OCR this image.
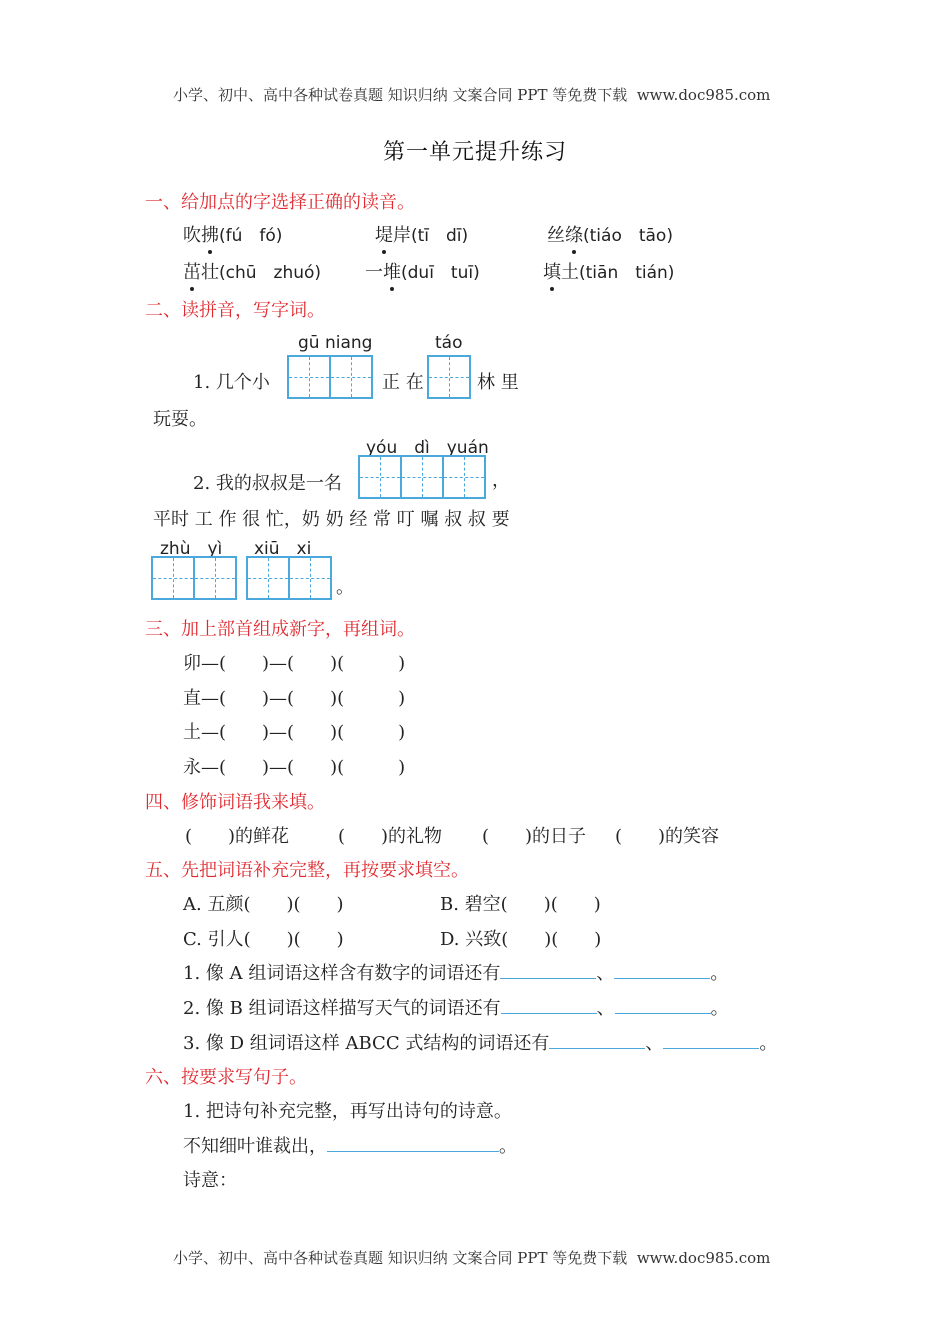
小学、初中、高中各种试卷真题 知识归纳 文案合同 PPT 等免费下载 www.doc985.com
第一单元提升练习
一、给加点的字选择正确的读音。
吹拂(fú　fó)	堤岸(tī　dī)	丝绦(tiáo　tāo)
茁壮(chū　zhuó) 一堆(duī　tuī)	填土(tiān　tián)
二、读拼音，写字词。
gū niang	táo
1. 几个小	正 在	林 里
玩耍。
yóu　dì　yuán
2. 我的叔叔是一名	，
平时 工 作 很 忙，奶 奶 经 常 叮 嘱 叔 叔 要
zhù　yì xiū　xi
。
三、加上部首组成新字，再组词。
卯—(　　)—(　　)(　　　)
直—(　　)—(　　)(　　　)
土—(　　)—(　　)(　　　)
永—(　　)—(　　)(　　　)
四、修饰词语我来填。
(　　)的鲜花	(　　)的礼物 (　　)的日子 (　　)的笑容
五、先把词语补充完整，再按要求填空。
A. 五颜(　　)(　　)	B. 碧空(　　)(　　)
C. 引人(　　)(　　)	D. 兴致(　　)(　　)
1. 像 A 组词语这样含有数字的词语还有	、	。
2. 像 B 组词语这样描写天气的词语还有	、	。
3. 像 D 组词语这样 ABCC 式结构的词语还有	、	。
六、按要求写句子。
1. 把诗句补充完整，再写出诗句的诗意。
不知细叶谁裁出，	。
诗意：
小学、初中、高中各种试卷真题 知识归纳 文案合同 PPT 等免费下载 www.doc985.com
